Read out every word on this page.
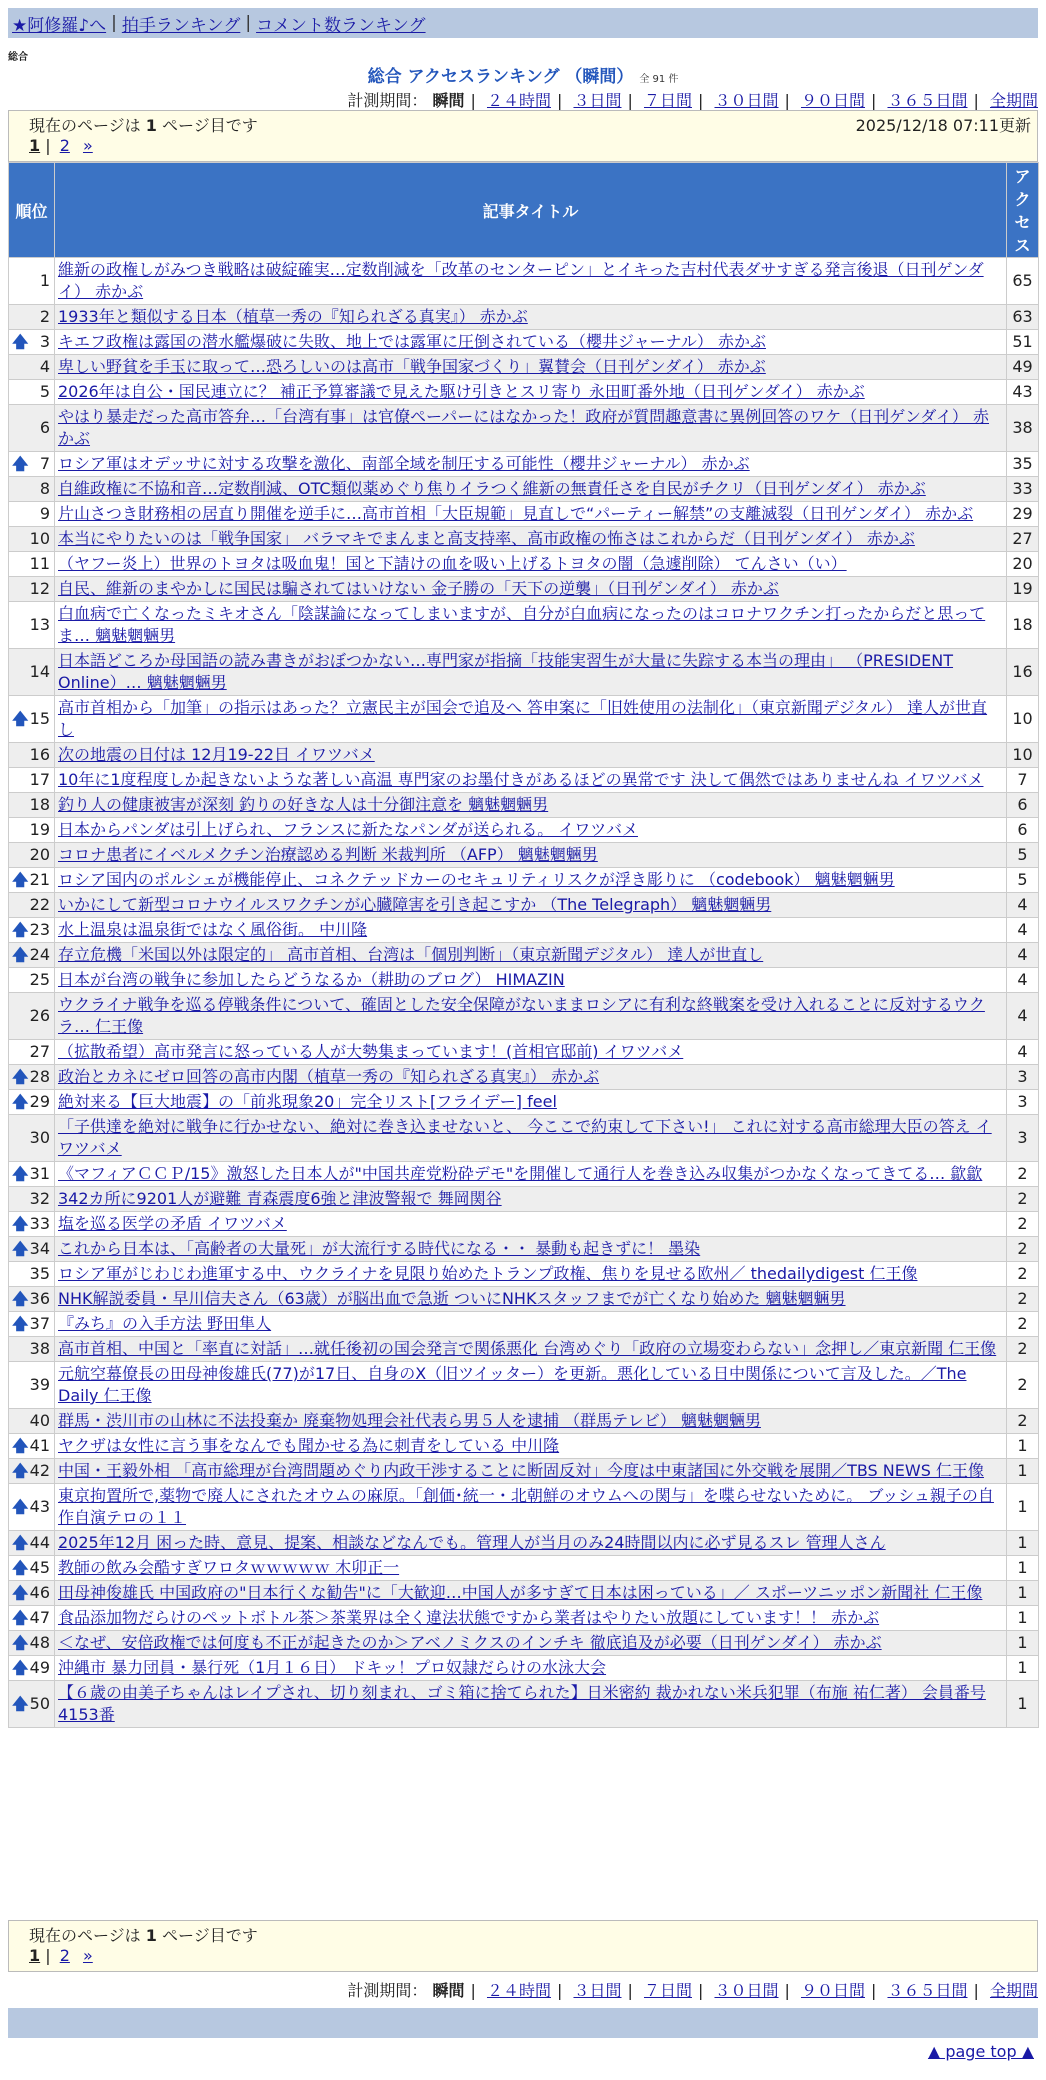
★阿修羅♪へ | 拍手ランキング | コメント数ランキング
総合
総合 アクセスランキング （瞬間） 全 91 件
計測期間： 瞬間 | ２４時間 | ３日間 | ７日間 | ３０日間 | ９０日間 | ３６５日間 | 全期間
現在のページは 1 ページ目です	2025/12/18 07:11更新
1 | 2 »
順位	記事タイトル	アクセス
1	維新の政権しがみつき戦略は破綻確実…定数削減を「改革のセンターピン」とイキった吉村代表ダサすぎる発言後退（日刊ゲンダイ） 赤かぶ	65
2	1933年と類似する日本（植草一秀の『知られざる真実』） 赤かぶ	63

🡅 3	キエフ政権は露国の潜水艦爆破に失敗、地上では露軍に圧倒されている（櫻井ジャーナル） 赤かぶ	51
4	卑しい野貧を手玉に取って…恐ろしいのは高市「戦争国家づくり」翼賛会（日刊ゲンダイ） 赤かぶ	49
5	2026年は自公・国民連立に？ 補正予算審議で見えた駆け引きとスリ寄り 永田町番外地（日刊ゲンダイ） 赤かぶ	43
6	やはり暴走だった高市答弁…「台湾有事」は官僚ペーパーにはなかった！政府が質問趣意書に異例回答のワケ（日刊ゲンダイ） 赤かぶ	38

🡅 7	ロシア軍はオデッサに対する攻撃を激化、南部全域を制圧する可能性（櫻井ジャーナル） 赤かぶ	35
8	自維政権に不協和音…定数削減、OTC類似薬めぐり焦りイラつく維新の無責任さを自民がチクリ（日刊ゲンダイ） 赤かぶ	33
9	片山さつき財務相の居直り開催を逆手に…高市首相「大臣規範」見直しで“パーティー解禁”の支離滅裂（日刊ゲンダイ） 赤かぶ	29
10	本当にやりたいのは「戦争国家」 バラマキでまんまと高支持率、高市政権の怖さはこれからだ（日刊ゲンダイ） 赤かぶ	27
11	（ヤフー炎上）世界のトヨタは吸血鬼！国と下請けの血を吸い上げるトヨタの闇（急遽削除） てんさい（い）	20
12	自民、維新のまやかしに国民は騙されてはいけない 金子勝の「天下の逆襲」（日刊ゲンダイ） 赤かぶ	19
13	白血病で亡くなったミキオさん「陰謀論になってしまいますが、自分が白血病になったのはコロナワクチン打ったからだと思ってま… 魑魅魍魎男	18
14	日本語どころか母国語の読み書きがおぼつかない…専門家が指摘「技能実習生が大量に失踪する本当の理由」 （PRESIDENT Online）… 魑魅魍魎男	16

🡅 15	高市首相から「加筆」の指示はあった？立憲民主が国会で追及へ 答申案に「旧姓使用の法制化」（東京新聞デジタル） 達人が世直し	10
16	次の地震の日付は 12月19-22日 イワツバメ	10
17	10年に1度程度しか起きないような著しい高温 専門家のお墨付きがあるほどの異常です 決して偶然ではありませんね イワツバメ	7
18	釣り人の健康被害が深刻 釣りの好きな人は十分御注意を 魑魅魍魎男	6
19	日本からパンダは引上げられ、フランスに新たなパンダが送られる。 イワツバメ	6
20	コロナ患者にイベルメクチン治療認める判断 米裁判所 （AFP） 魑魅魍魎男	5

🡅 21	ロシア国内のポルシェが機能停止、コネクテッドカーのセキュリティリスクが浮き彫りに （codebook） 魑魅魍魎男	5
22	いかにして新型コロナウイルスワクチンが心臓障害を引き起こすか （The Telegraph） 魑魅魍魎男	4

🡅 23	水上温泉は温泉街ではなく風俗街。 中川隆	4

🡅 24	存立危機「米国以外は限定的」 高市首相、台湾は「個別判断」（東京新聞デジタル） 達人が世直し	4
25	日本が台湾の戦争に参加したらどうなるか（耕助のブログ） HIMAZIN	4
26	ウクライナ戦争を巡る停戦条件について、確固とした安全保障がないままロシアに有利な終戦案を受け入れることに反対するウクラ… 仁王像	4
27	（拡散希望）高市発言に怒っている人が大勢集まっています！(首相官邸前) イワツバメ	4

🡅 28	政治とカネにゼロ回答の高市内閣（植草一秀の『知られざる真実』） 赤かぶ	3

🡅 29	絶対来る【巨大地震】の「前兆現象20」完全リスト[フライデー] feel	3
30	「子供達を絶対に戦争に行かせない、絶対に巻き込ませないと、 今ここで約束して下さい!」 これに対する高市総理大臣の答え イワツバメ	3

🡅 31	《マフィアＣＣＰ/15》激怒した日本人が"中国共産党粉砕デモ"を開催して通行人を巻き込み収集がつかなくなってきてる… 歙歙	2
32	342カ所に9201人が避難 青森震度6強と津波警報で 舞岡関谷	2

🡅 33	塩を巡る医学の矛盾 イワツバメ	2

🡅 34	これから日本は、「高齢者の大量死」が大流行する時代になる・・ 暴動も起きずに！ 墨染	2
35	ロシア軍がじわじわ進軍する中、ウクライナを見限り始めたトランプ政権、焦りを見せる欧州／ thedailydigest 仁王像	2

🡅 36	NHK解説委員・早川信夫さん（63歳）が脳出血で急逝 ついにNHKスタッフまでが亡くなり始めた 魑魅魍魎男	2

🡅 37	『みち』の入手方法 野田隼人	2
38	高市首相、中国と「率直に対話」…就任後初の国会発言で関係悪化 台湾めぐり「政府の立場変わらない」念押し／東京新聞 仁王像	2
39	元航空幕僚長の田母神俊雄氏(77)が17日、自身のX（旧ツイッター）を更新。悪化している日中関係について言及した。／The Daily 仁王像	2
40	群馬・渋川市の山林に不法投棄か 廃棄物処理会社代表ら男５人を逮捕 （群馬テレビ） 魑魅魍魎男	2

🡅 41	ヤクザは女性に言う事をなんでも聞かせる為に刺青をしている 中川隆	1

🡅 42	中国・王毅外相 「高市総理が台湾問題めぐり内政干渉することに断固反対」今度は中東諸国に外交戦を展開／TBS NEWS 仁王像	1

🡅 43	東京拘置所で,薬物で廃人にされたオウムの麻原。「創価･統一・北朝鮮のオウムへの関与」を喋らせないために。 ブッシュ親子の自作自演テロの１１	1

🡅 44	2025年12月 困った時、意見、提案、相談などなんでも。管理人が当月のみ24時間以内に必ず見るスレ 管理人さん	1

🡅 45	教師の飲み会酷すぎワロタｗｗｗｗｗ 木卯正一	1

🡅 46	田母神俊雄氏 中国政府の"日本行くな勧告"に「大歓迎…中国人が多すぎて日本は困っている」／ スポーツニッポン新聞社 仁王像	1

🡅 47	食品添加物だらけのペットボトル茶＞茶業界は全く違法状態ですから業者はやりたい放題にしています！！ 赤かぶ	1

🡅 48	＜なぜ、安倍政権では何度も不正が起きたのか＞アベノミクスのインチキ 徹底追及が必要（日刊ゲンダイ） 赤かぶ	1

🡅 49	沖縄市 暴力団員・暴行死（1月１６日） ドキッ！プロ奴隷だらけの水泳大会	1

🡅 50	【６歳の由美子ちゃんはレイプされ、切り刻まれ、ゴミ箱に捨てられた】日米密約 裁かれない米兵犯罪（布施 祐仁著） 会員番号4153番	1
現在のページは 1 ページ目です
1 | 2 »
計測期間： 瞬間 | ２４時間 | ３日間 | ７日間 | ３０日間 | ９０日間 | ３６５日間 | 全期間
▲ page top ▲
